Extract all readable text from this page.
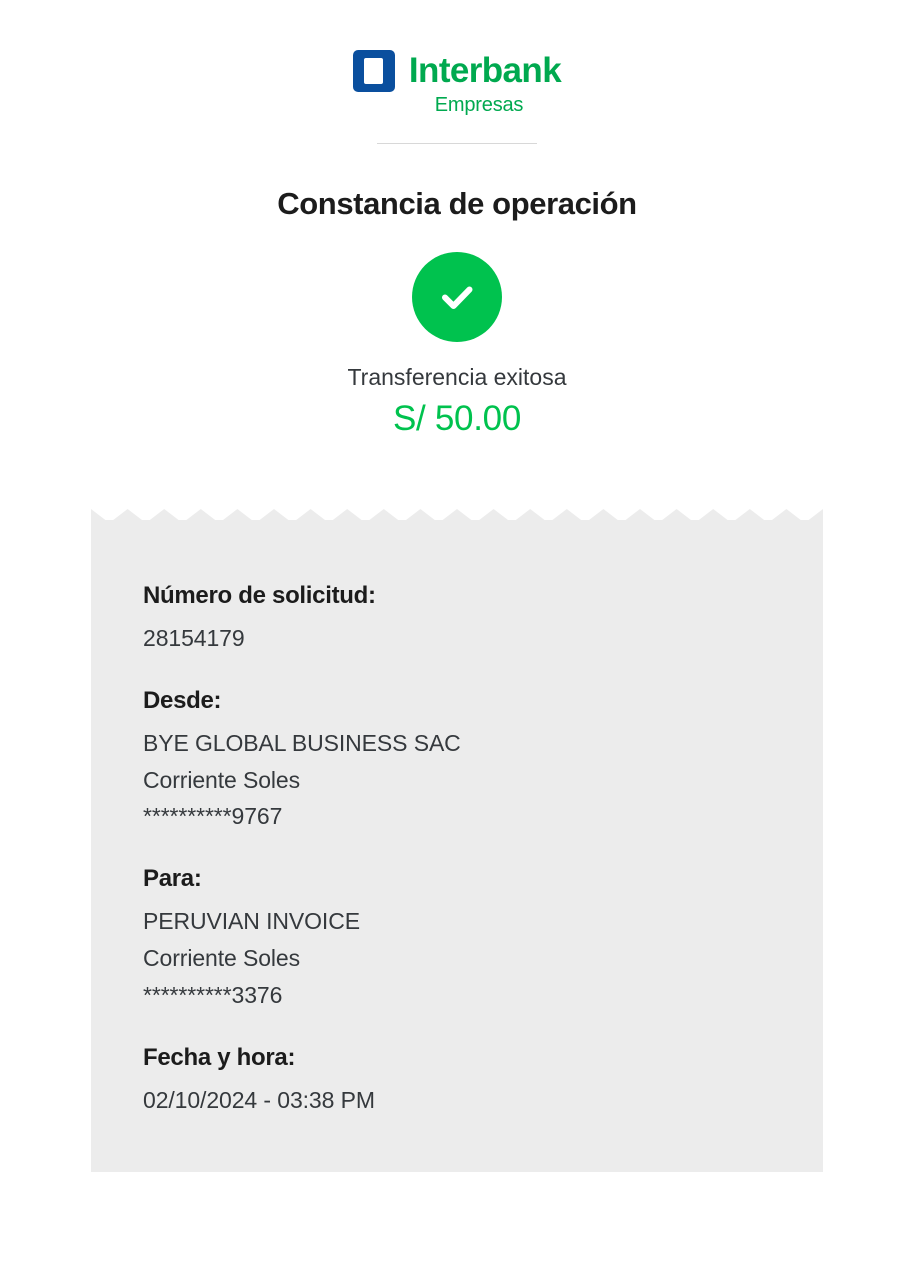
Interbank
Empresas
Constancia de operación
Transferencia exitosa
S/ 50.00
Número de solicitud:
28154179
Desde:
BYE GLOBAL BUSINESS SAC
Corriente Soles
**********9767
Para:
PERUVIAN INVOICE
Corriente Soles
**********3376
Fecha y hora:
02/10/2024 - 03:38 PM
